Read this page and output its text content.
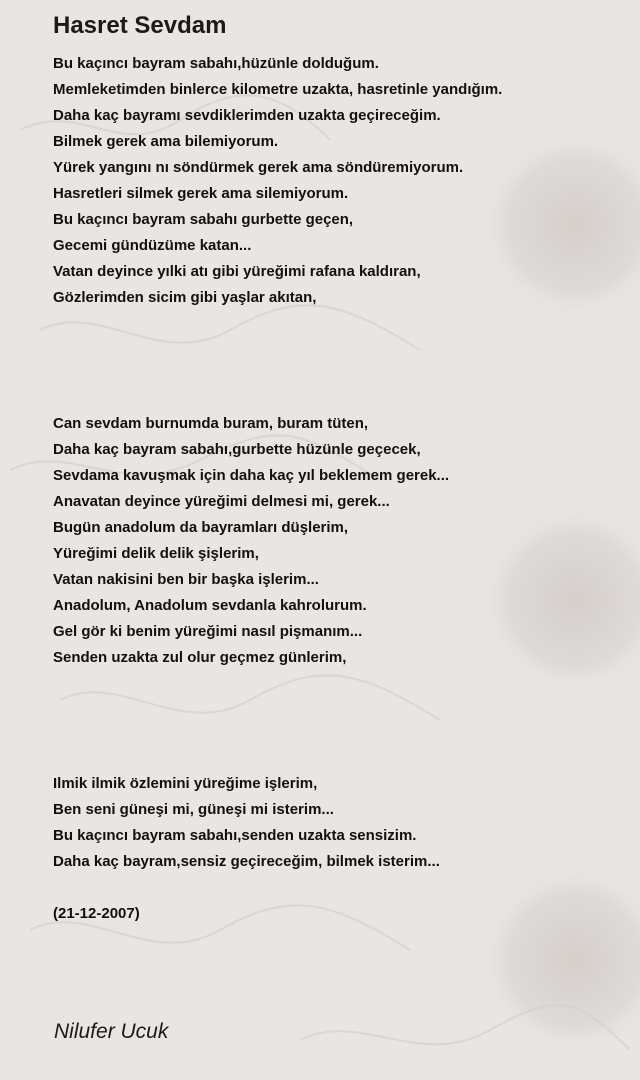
Hasret Sevdam
Bu kaçıncı bayram sabahı,hüzünle dolduğum.
Memleketimden binlerce kilometre uzakta, hasretinle yandığım.
Daha kaç bayramı sevdiklerimden uzakta geçireceğim.
Bilmek gerek ama bilemiyorum.
Yürek yangını nı söndürmek gerek ama söndüremiyorum.
Hasretleri silmek gerek ama silemiyorum.
Bu kaçıncı bayram sabahı gurbette geçen,
Gecemi gündüzüme katan...
Vatan deyince yılki atı gibi yüreğimi rafana kaldıran,
Gözlerimden sicim gibi yaşlar akıtan,
Can sevdam burnumda buram, buram tüten,
Daha kaç bayram sabahı,gurbette hüzünle geçecek,
Sevdama kavuşmak için daha kaç yıl beklemem gerek...
Anavatan deyince yüreğimi delmesi mi, gerek...
Bugün anadolum da bayramları düşlerim,
Yüreğimi delik delik şişlerim,
Vatan nakisini ben bir başka işlerim...
Anadolum, Anadolum sevdanla kahrolurum.
Gel gör ki benim yüreğimi nasıl pişmanım...
Senden uzakta zul olur geçmez günlerim,
Ilmik ilmik özlemini yüreğime işlerim,
Ben seni güneşi mi, güneşi mi isterim...
Bu kaçıncı bayram sabahı,senden uzakta sensizim.
Daha kaç bayram,sensiz geçireceğim, bilmek isterim...
(21-12-2007)
Nilufer Ucuk
